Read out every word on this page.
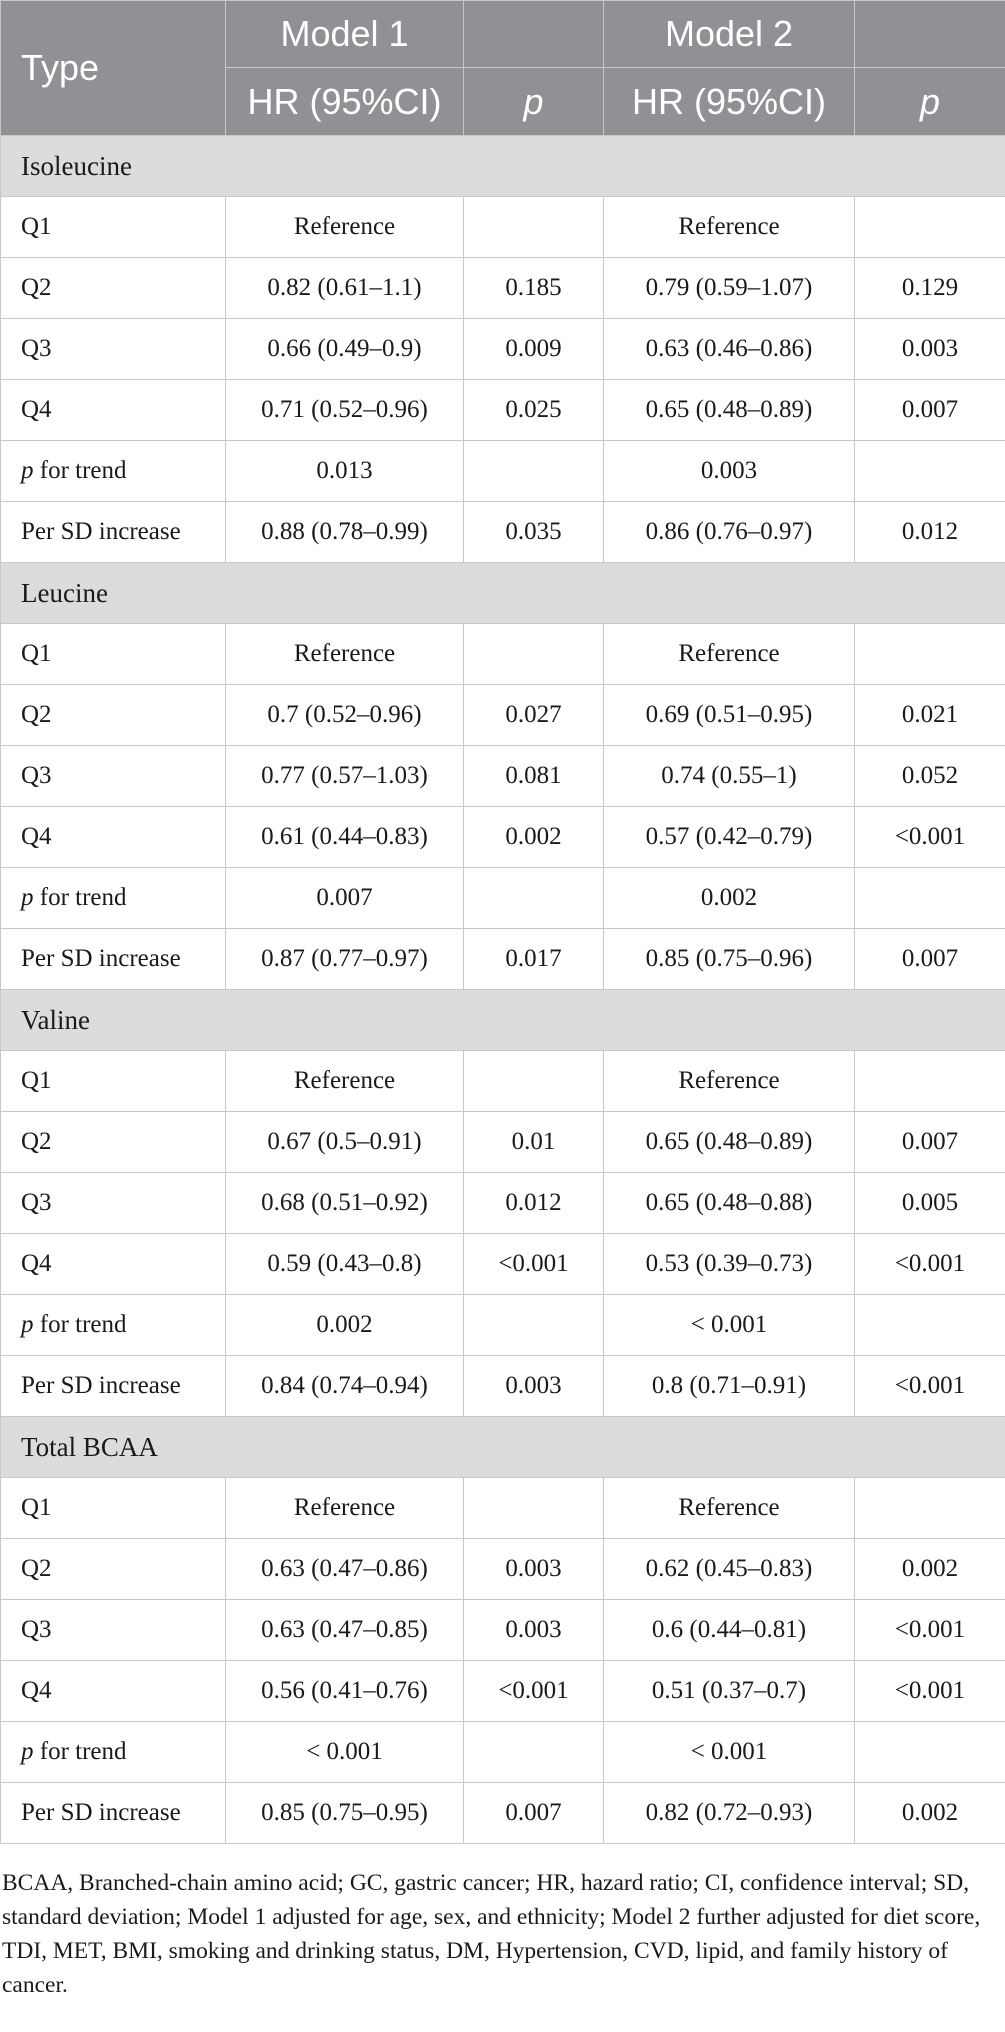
Type	Model 1		Model 2	
	HR (95%CI)	p	HR (95%CI)	p
Isoleucine				
Q1	Reference		Reference	
Q2	0.82 (0.61–1.1)	0.185	0.79 (0.59–1.07)	0.129
Q3	0.66 (0.49–0.9)	0.009	0.63 (0.46–0.86)	0.003
Q4	0.71 (0.52–0.96)	0.025	0.65 (0.48–0.89)	0.007
p for trend	0.013		0.003	
Per SD increase	0.88 (0.78–0.99)	0.035	0.86 (0.76–0.97)	0.012
Leucine				
Q1	Reference		Reference	
Q2	0.7 (0.52–0.96)	0.027	0.69 (0.51–0.95)	0.021
Q3	0.77 (0.57–1.03)	0.081	0.74 (0.55–1)	0.052
Q4	0.61 (0.44–0.83)	0.002	0.57 (0.42–0.79)	<0.001
p for trend	0.007		0.002	
Per SD increase	0.87 (0.77–0.97)	0.017	0.85 (0.75–0.96)	0.007
Valine				
Q1	Reference		Reference	
Q2	0.67 (0.5–0.91)	0.01	0.65 (0.48–0.89)	0.007
Q3	0.68 (0.51–0.92)	0.012	0.65 (0.48–0.88)	0.005
Q4	0.59 (0.43–0.8)	<0.001	0.53 (0.39–0.73)	<0.001
p for trend	0.002		< 0.001	
Per SD increase	0.84 (0.74–0.94)	0.003	0.8 (0.71–0.91)	<0.001
Total BCAA				
Q1	Reference		Reference	
Q2	0.63 (0.47–0.86)	0.003	0.62 (0.45–0.83)	0.002
Q3	0.63 (0.47–0.85)	0.003	0.6 (0.44–0.81)	<0.001
Q4	0.56 (0.41–0.76)	<0.001	0.51 (0.37–0.7)	<0.001
p for trend	< 0.001		< 0.001	
Per SD increase	0.85 (0.75–0.95)	0.007	0.82 (0.72–0.93)	0.002

BCAA, Branched-chain amino acid; GC, gastric cancer; HR, hazard ratio; CI, confidence interval; SD, standard deviation; Model 1 adjusted for age, sex, and ethnicity; Model 2 further adjusted for diet score, TDI, MET, BMI, smoking and drinking status, DM, Hypertension, CVD, lipid, and family history of cancer.
